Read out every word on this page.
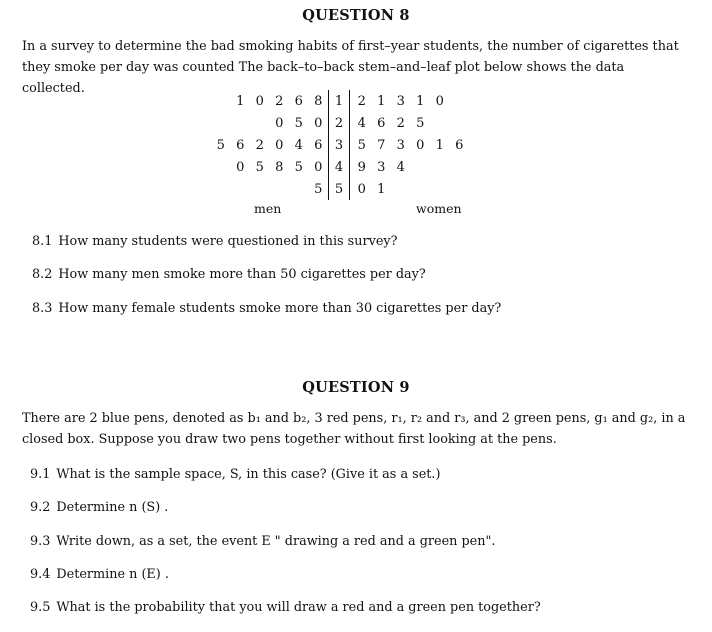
QUESTION 8
In a survey to determine the bad smoking habits of first–year students, the number of cigarettes that
they smoke per day was counted The back–to–back stem–and–leaf plot below shows the data collected.
1 0 2 6 8	1	2 1 3 1 0
0 5 0	2	4 6 2 5
5 6 2 0 4 6	3	5 7 3 0 1 6
0 5 8 5 0	4	9 3 4
5	5	0 1
men	women
8.1 How many students were questioned in this survey?
8.2 How many men smoke more than 50 cigarettes per day?
8.3 How many female students smoke more than 30 cigarettes per day?
QUESTION 9
There are 2 blue pens, denoted as b₁ and b₂, 3 red pens, r₁, r₂ and r₃, and 2 green pens, g₁ and g₂, in a
closed box. Suppose you draw two pens together without first looking at the pens.
9.1 What is the sample space, S, in this case? (Give it as a set.)
9.2 Determine n (S) .
9.3 Write down, as a set, the event E " drawing a red and a green pen".
9.4 Determine n (E) .
9.5 What is the probability that you will draw a red and a green pen together?
